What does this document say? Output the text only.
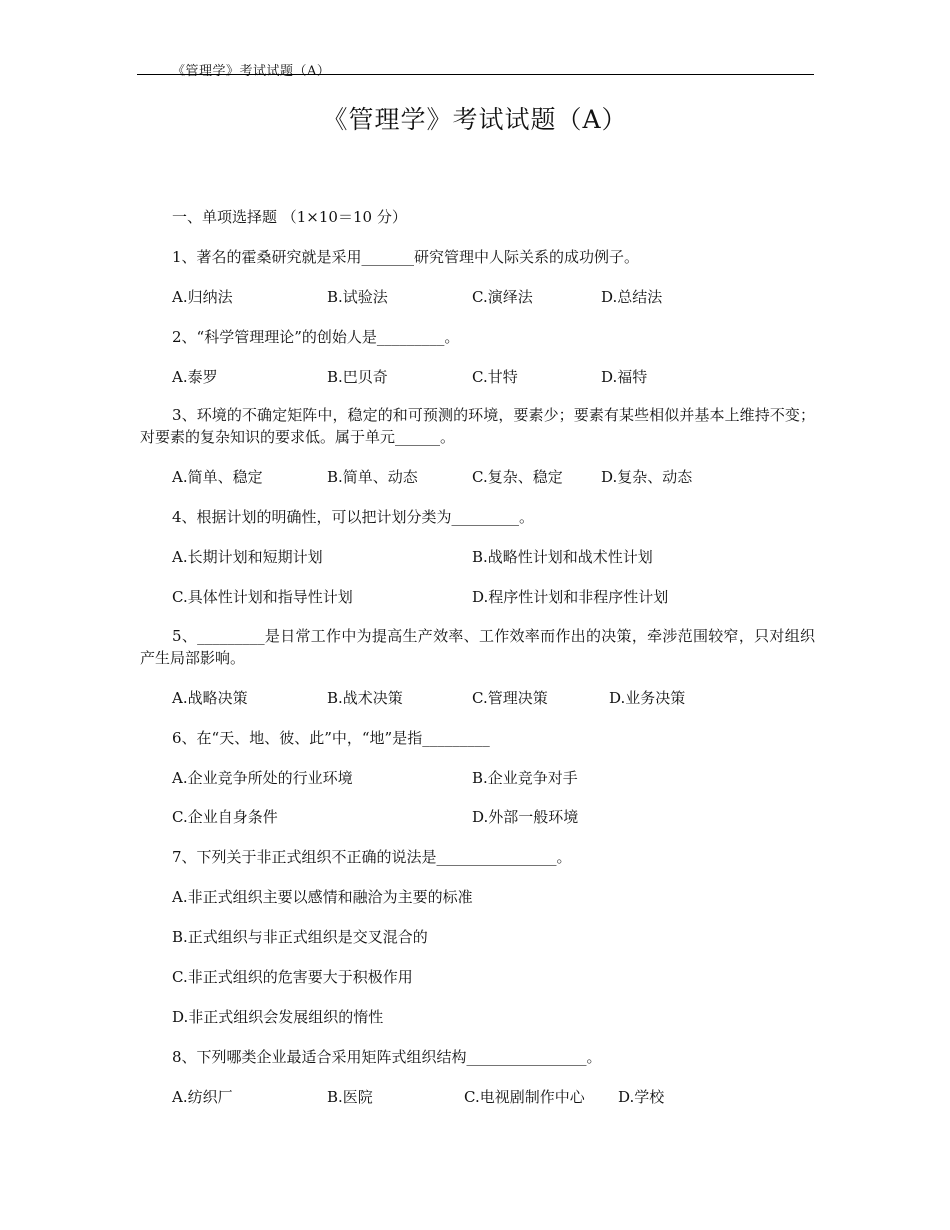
《管理学》考试试题（A）
《管理学》考试试题（A）
一、单项选择题 （1×10＝10 分）
1、著名的霍桑研究就是采用_______研究管理中人际关系的成功例子。
A.归纳法	B.试验法	C.演绎法	D.总结法
2、“科学管理理论”的创始人是_________。
A.泰罗	B.巴贝奇	C.甘特	D.福特
3、环境的不确定矩阵中，稳定的和可预测的环境，要素少；要素有某些相似并基本上维持不变；对要素的复杂知识的要求低。属于单元______。
A.简单、稳定	B.简单、动态	C.复杂、稳定	D.复杂、动态
4、根据计划的明确性，可以把计划分类为_________。
A.长期计划和短期计划	B.战略性计划和战术性计划
C.具体性计划和指导性计划	D.程序性计划和非程序性计划
5、_________是日常工作中为提高生产效率、工作效率而作出的决策，牵涉范围较窄，只对组织产生局部影响。
A.战略决策	B.战术决策	C.管理决策	D.业务决策
6、在“天、地、彼、此”中，“地”是指_________
A.企业竞争所处的行业环境	B.企业竞争对手
C.企业自身条件	D.外部一般环境
7、下列关于非正式组织不正确的说法是________________。
A.非正式组织主要以感情和融洽为主要的标准
B.正式组织与非正式组织是交叉混合的
C.非正式组织的危害要大于积极作用
D.非正式组织会发展组织的惰性
8、下列哪类企业最适合采用矩阵式组织结构________________。
A.纺织厂	B.医院	C.电视剧制作中心 D.学校
